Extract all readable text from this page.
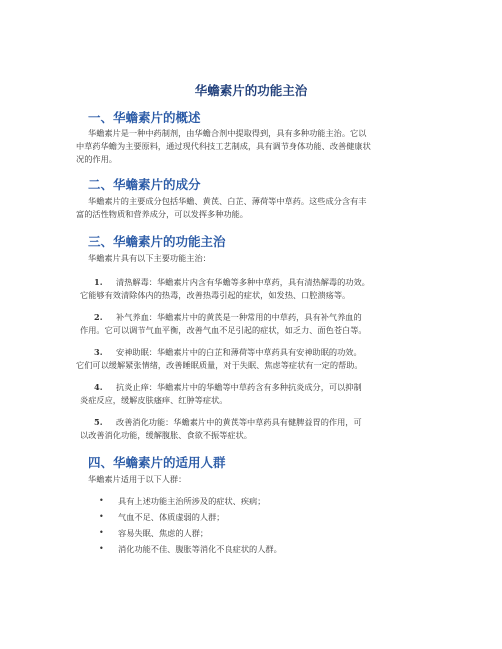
华蟾素片的功能主治
一、华蟾素片的概述
华蟾素片是一种中药制剂，由华蟾合剂中提取得到，具有多种功能主治。它以
中草药华蟾为主要原料，通过现代科技工艺制成，具有调节身体功能、改善健康状
况的作用。
二、华蟾素片的成分
华蟾素片的主要成分包括华蟾、黄芪、白芷、薄荷等中草药。这些成分含有丰
富的活性物质和营养成分，可以发挥多种功能。
三、华蟾素片的功能主治
华蟾素片具有以下主要功能主治：
1. 清热解毒：华蟾素片内含有华蟾等多种中草药，具有清热解毒的功效。
它能够有效清除体内的热毒，改善热毒引起的症状，如发热、口腔溃疡等。
2. 补气养血：华蟾素片中的黄芪是一种常用的中草药，具有补气养血的
作用。它可以调节气血平衡，改善气血不足引起的症状，如乏力、面色苍白等。
3. 安神助眠：华蟾素片中的白芷和薄荷等中草药具有安神助眠的功效。
它们可以缓解紧张情绪，改善睡眠质量，对于失眠、焦虑等症状有一定的帮助。
4. 抗炎止痒：华蟾素片中的华蟾等中草药含有多种抗炎成分，可以抑制
炎症反应，缓解皮肤瘙痒、红肿等症状。
5. 改善消化功能：华蟾素片中的黄芪等中草药具有健脾益胃的作用，可
以改善消化功能，缓解腹胀、食欲不振等症状。
四、华蟾素片的适用人群
华蟾素片适用于以下人群：
• 具有上述功能主治所涉及的症状、疾病；
• 气血不足、体质虚弱的人群；
• 容易失眠、焦虑的人群；
• 消化功能不佳、腹胀等消化不良症状的人群。
